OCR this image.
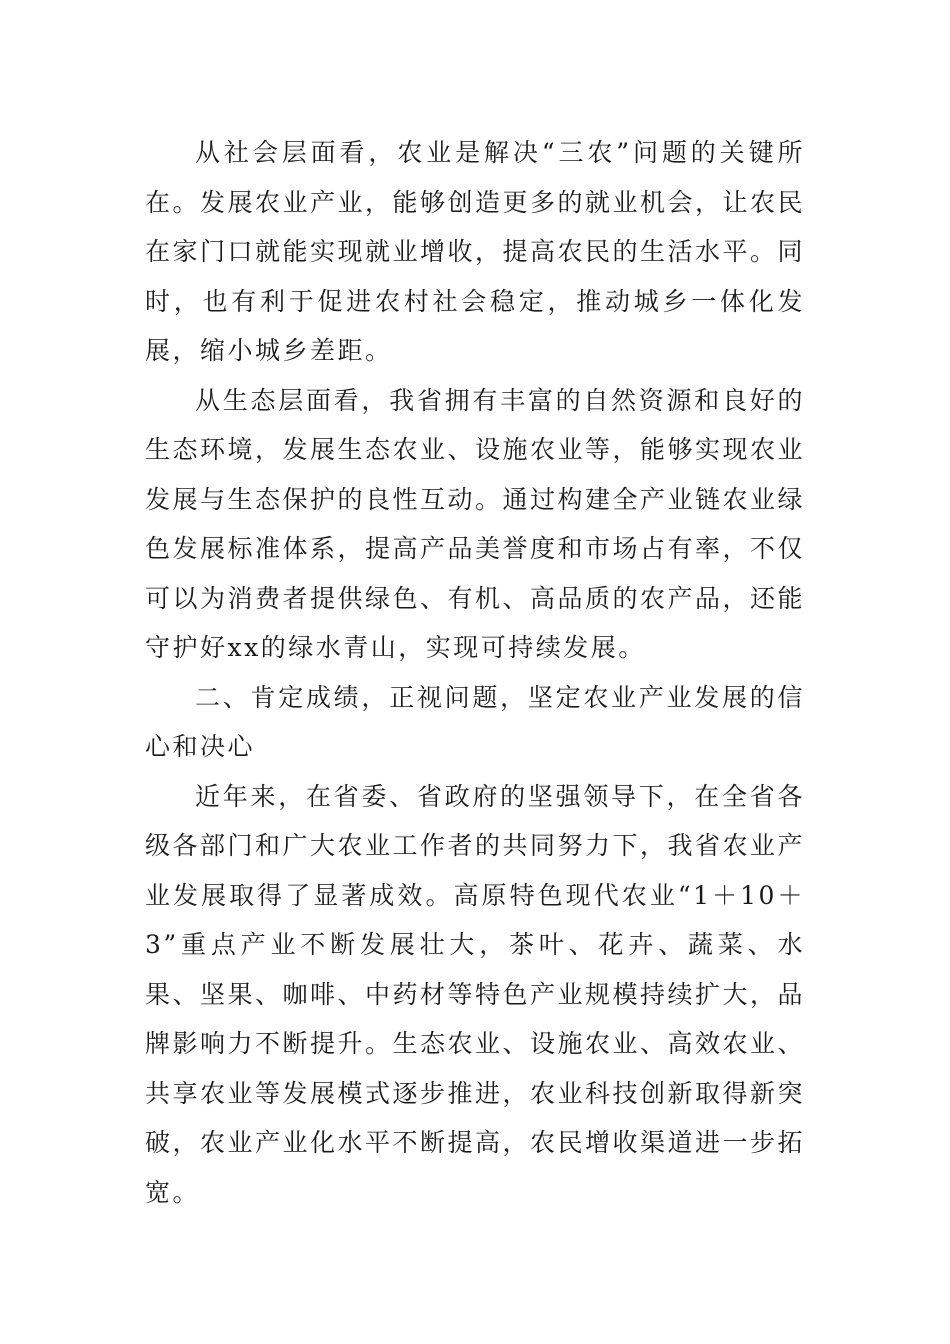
从社会层面看，农业是解决“三农”问题的关键所在。发展农业产业，能够创造更多的就业机会，让农民在家门口就能实现就业增收，提高农民的生活水平。同时，也有利于促进农村社会稳定，推动城乡一体化发展，缩小城乡差距。

从生态层面看，我省拥有丰富的自然资源和良好的生态环境，发展生态农业、设施农业等，能够实现农业发展与生态保护的良性互动。通过构建全产业链农业绿色发展标准体系，提高产品美誉度和市场占有率，不仅可以为消费者提供绿色、有机、高品质的农产品，还能守护好xx的绿水青山，实现可持续发展。

二、肯定成绩，正视问题，坚定农业产业发展的信心和决心

近年来，在省委、省政府的坚强领导下，在全省各级各部门和广大农业工作者的共同努力下，我省农业产业发展取得了显著成效。高原特色现代农业“1＋10＋3”重点产业不断发展壮大，茶叶、花卉、蔬菜、水果、坚果、咖啡、中药材等特色产业规模持续扩大，品牌影响力不断提升。生态农业、设施农业、高效农业、共享农业等发展模式逐步推进，农业科技创新取得新突破，农业产业化水平不断提高，农民增收渠道进一步拓宽。
